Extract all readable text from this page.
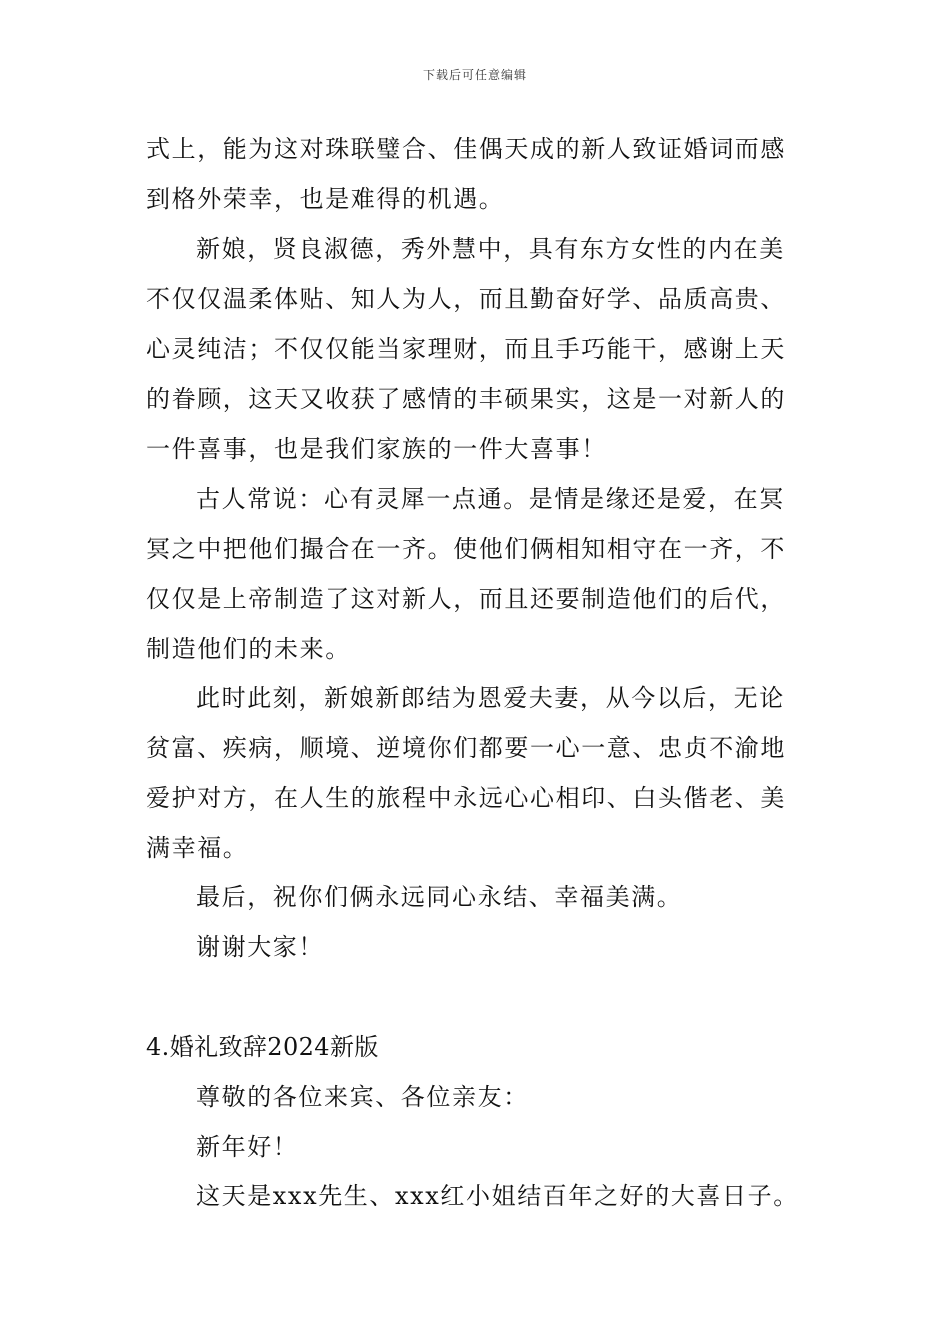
下载后可任意编辑
式上，能为这对珠联璧合、佳偶天成的新人致证婚词而感
到格外荣幸，也是难得的机遇。
新娘，贤良淑德，秀外慧中，具有东方女性的内在美
不仅仅温柔体贴、知人为人，而且勤奋好学、品质高贵、
心灵纯洁；不仅仅能当家理财，而且手巧能干，感谢上天
的眷顾，这天又收获了感情的丰硕果实，这是一对新人的
一件喜事，也是我们家族的一件大喜事！
古人常说：心有灵犀一点通。是情是缘还是爱，在冥
冥之中把他们撮合在一齐。使他们俩相知相守在一齐，不
仅仅是上帝制造了这对新人，而且还要制造他们的后代，
制造他们的未来。
此时此刻，新娘新郎结为恩爱夫妻，从今以后，无论
贫富、疾病，顺境、逆境你们都要一心一意、忠贞不渝地
爱护对方，在人生的旅程中永远心心相印、白头偕老、美
满幸福。
最后，祝你们俩永远同心永结、幸福美满。
谢谢大家！
4.婚礼致辞2024新版
尊敬的各位来宾、各位亲友：
新年好！
这天是xxx先生、xxx红小姐结百年之好的大喜日子。
